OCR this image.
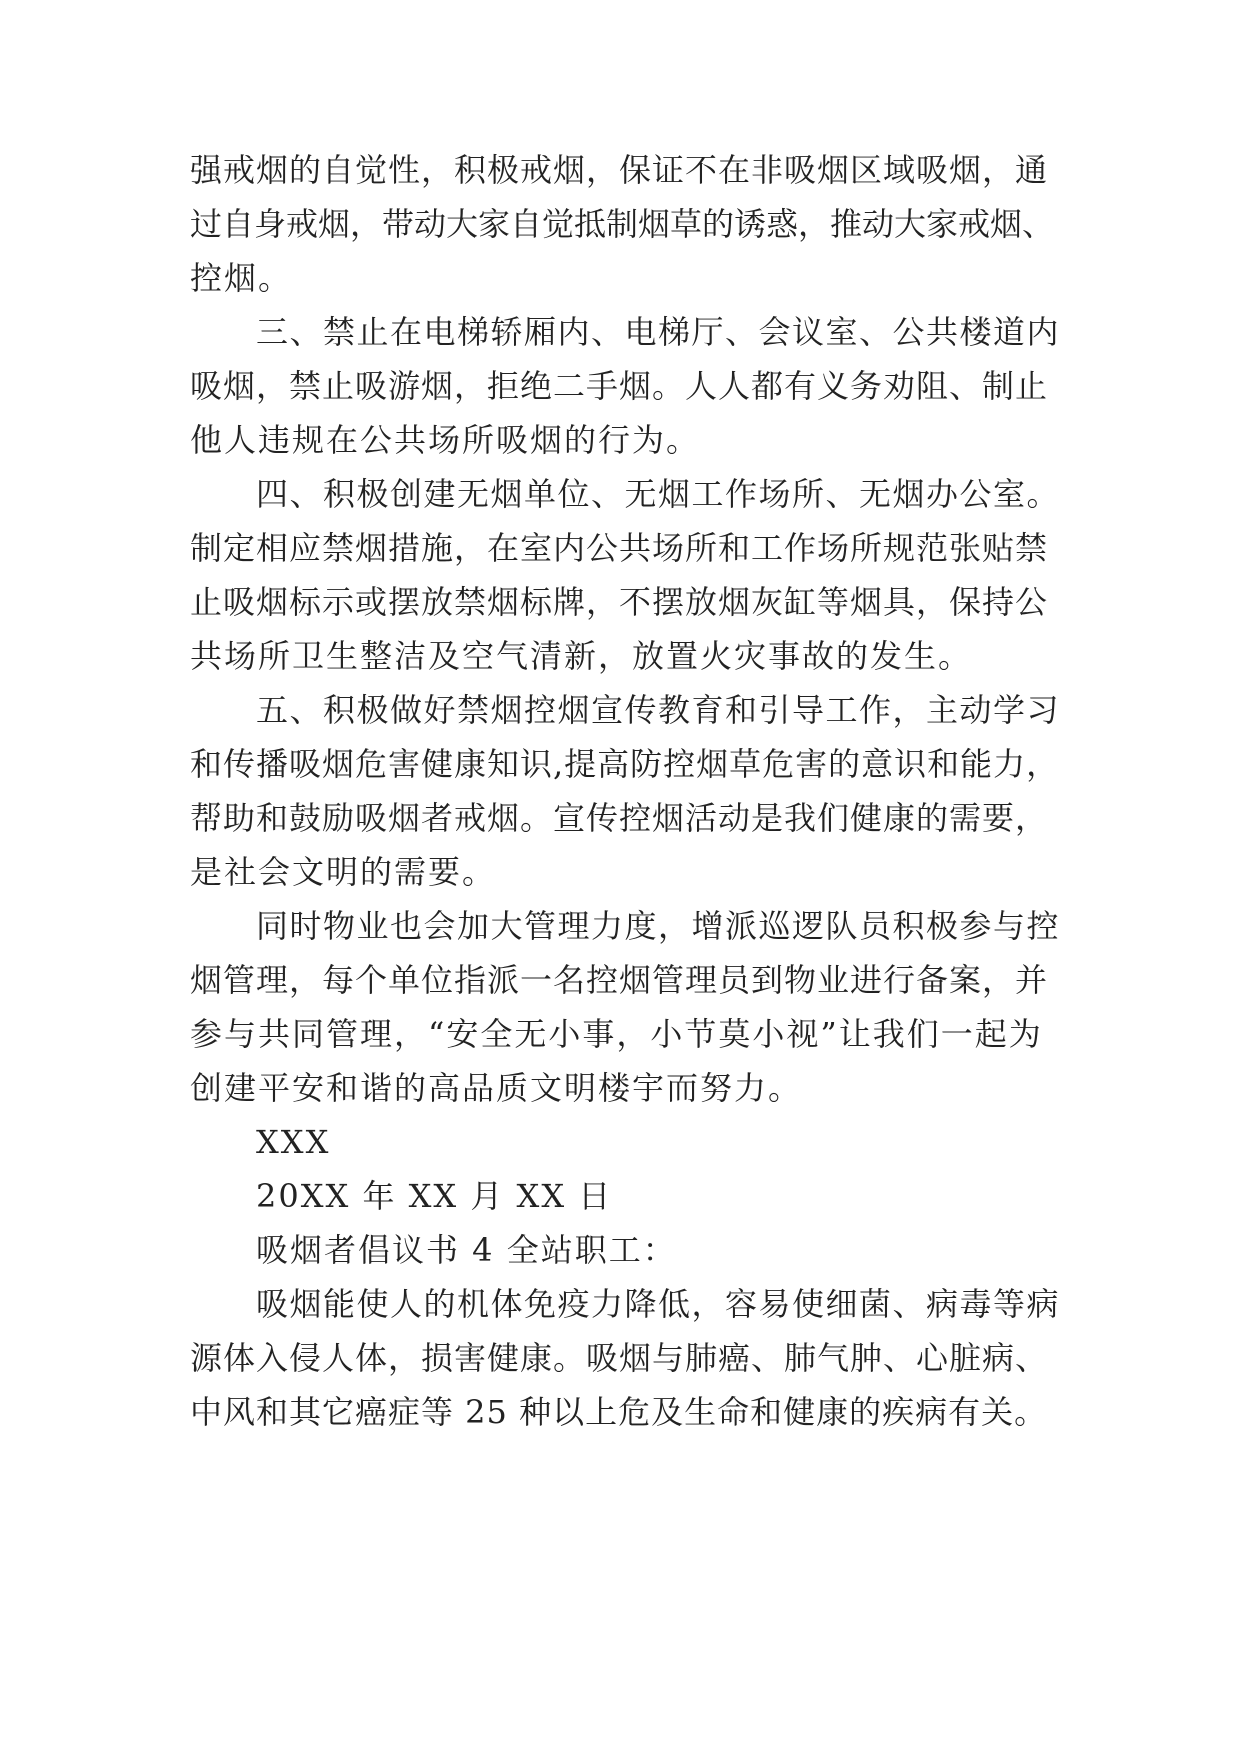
强戒烟的自觉性，积极戒烟，保证不在非吸烟区域吸烟，通
过自身戒烟，带动大家自觉抵制烟草的诱惑，推动大家戒烟、
控烟。
三、禁止在电梯轿厢内、电梯厅、会议室、公共楼道内
吸烟，禁止吸游烟，拒绝二手烟。人人都有义务劝阻、制止
他人违规在公共场所吸烟的行为。
四、积极创建无烟单位、无烟工作场所、无烟办公室。
制定相应禁烟措施，在室内公共场所和工作场所规范张贴禁
止吸烟标示或摆放禁烟标牌，不摆放烟灰缸等烟具，保持公
共场所卫生整洁及空气清新，放置火灾事故的发生。
五、积极做好禁烟控烟宣传教育和引导工作，主动学习
和传播吸烟危害健康知识,提高防控烟草危害的意识和能力，
帮助和鼓励吸烟者戒烟。宣传控烟活动是我们健康的需要，
是社会文明的需要。
同时物业也会加大管理力度，增派巡逻队员积极参与控
烟管理，每个单位指派一名控烟管理员到物业进行备案，并
参与共同管理，“安全无小事，小节莫小视”让我们一起为
创建平安和谐的高品质文明楼宇而努力。
XXX
20XX 年 XX 月 XX 日
吸烟者倡议书 4 全站职工：
吸烟能使人的机体免疫力降低，容易使细菌、病毒等病
源体入侵人体，损害健康。吸烟与肺癌、肺气肿、心脏病、
中风和其它癌症等 25 种以上危及生命和健康的疾病有关。
